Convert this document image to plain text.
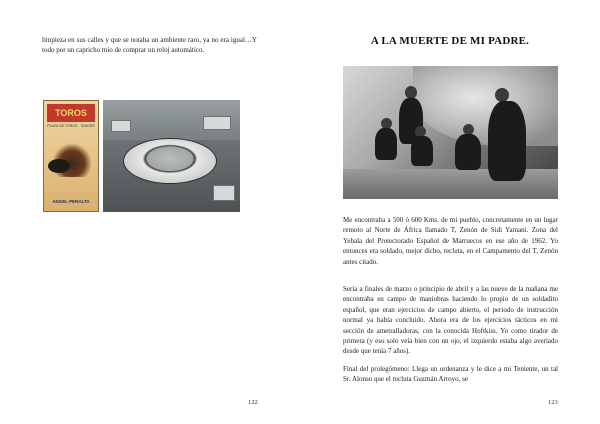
limpieza en sus calles y que se notaba un ambiente raro, ya no era igual…Y todo por un capricho mío de comprar un reloj automático.

TOROS
PLAZA DE TOROS · TANGER
ANGEL PERALTA
122
A LA MUERTE DE MI PADRE.

Me encontraba a 500 ó 600 Kms. de mi pueblo, concretamente en un lugar remoto al Norte de África llamado T, Zenón de Sidi Yamani. Zona del Yebala del Protectorado Español de Marruecos en ese año de 1962. Yo entonces era soldado, mejor dicho, recluta, en el Campamento del T, Zenón antes citado.

Sería a finales de marzo o principio de abril y a las nueve de la mañana me encontraba en campo de maniobras haciendo lo propio de un soldadito español, que eran ejercicios de campo abierto, el periodo de instrucción normal ya había concluido. Ahora era de los ejercicios tácticos en mi sección de ametralladoras, con la conocida Hoftkiss. Yo como tirador de primera (y eso solo veía bien con un ojo, el izquierdo estaba algo averiado desde que tenía 7 años).

Final del prolegómeno: Llega un ordenanza y le dice a mi Teniente, un tal Sr. Alonso que el recluta Guzmán Arroyo, se

123
